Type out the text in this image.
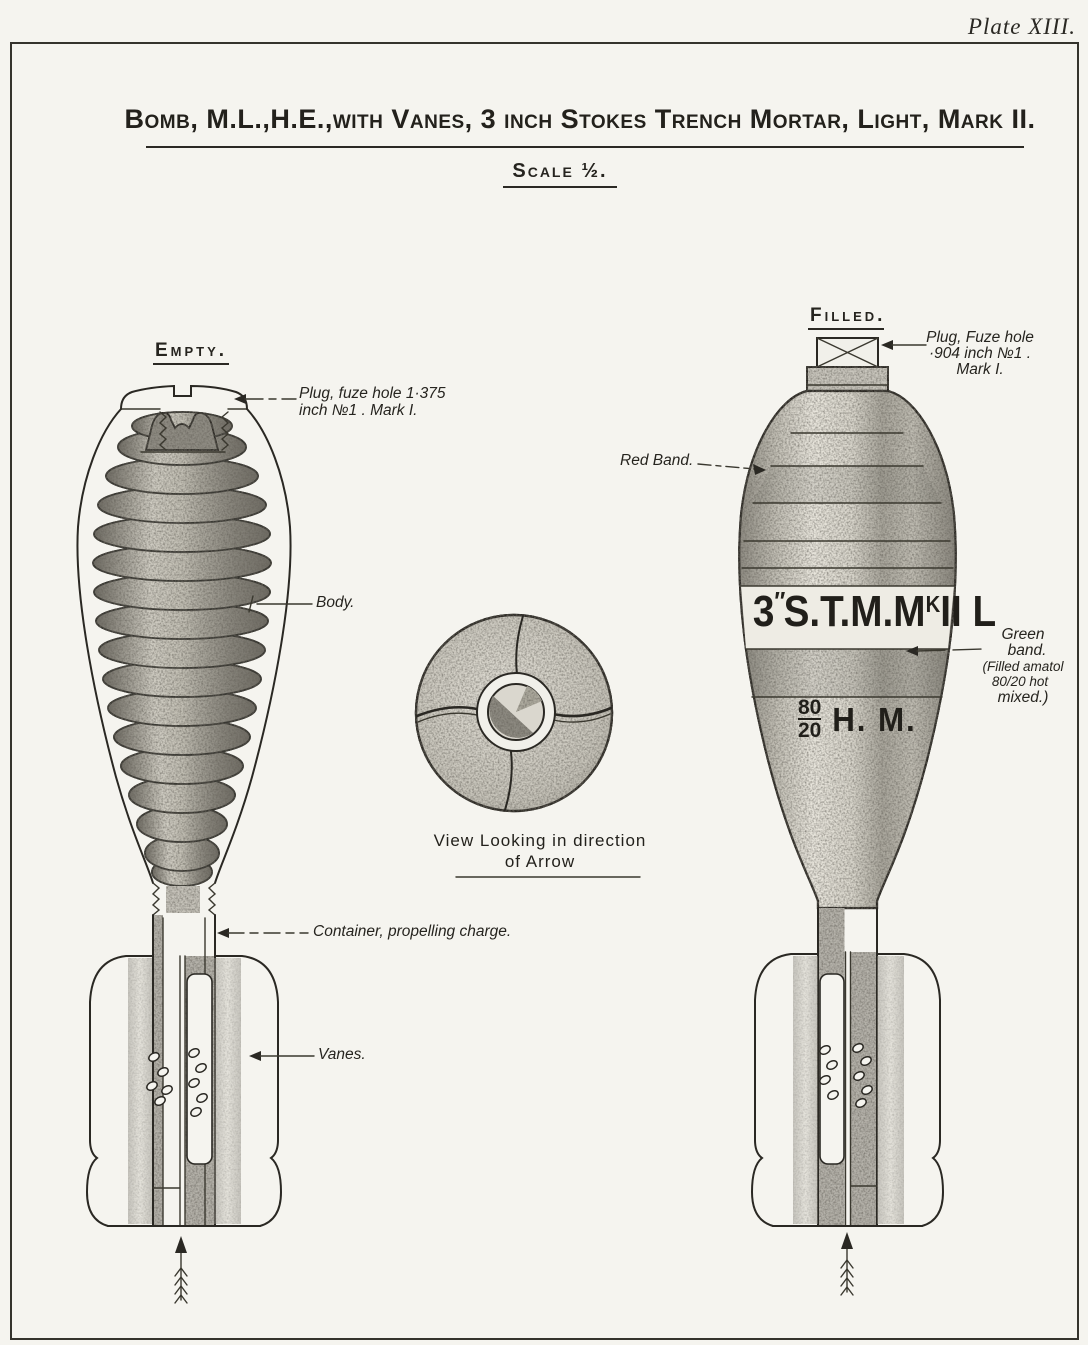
Plate XIII.
Bomb, M.L.,H.E.,with Vanes, 3 inch Stokes Trench Mortar, Light, Mark II.
Scale ½.
Empty.
Filled.
Plug, fuze hole 1·375
inch №1 . Mark I.
Body.
Container, propelling charge.
Vanes.
View Looking in direction
of Arrow
Plug, Fuze hole
·904 inch №1 .
Mark I.
Red Band.
Green
band.
(Filled amatol
80/20 hot
mixed.)
$3''S.T.M.M^KII$ L
$\frac{80}{20} H$. M.
